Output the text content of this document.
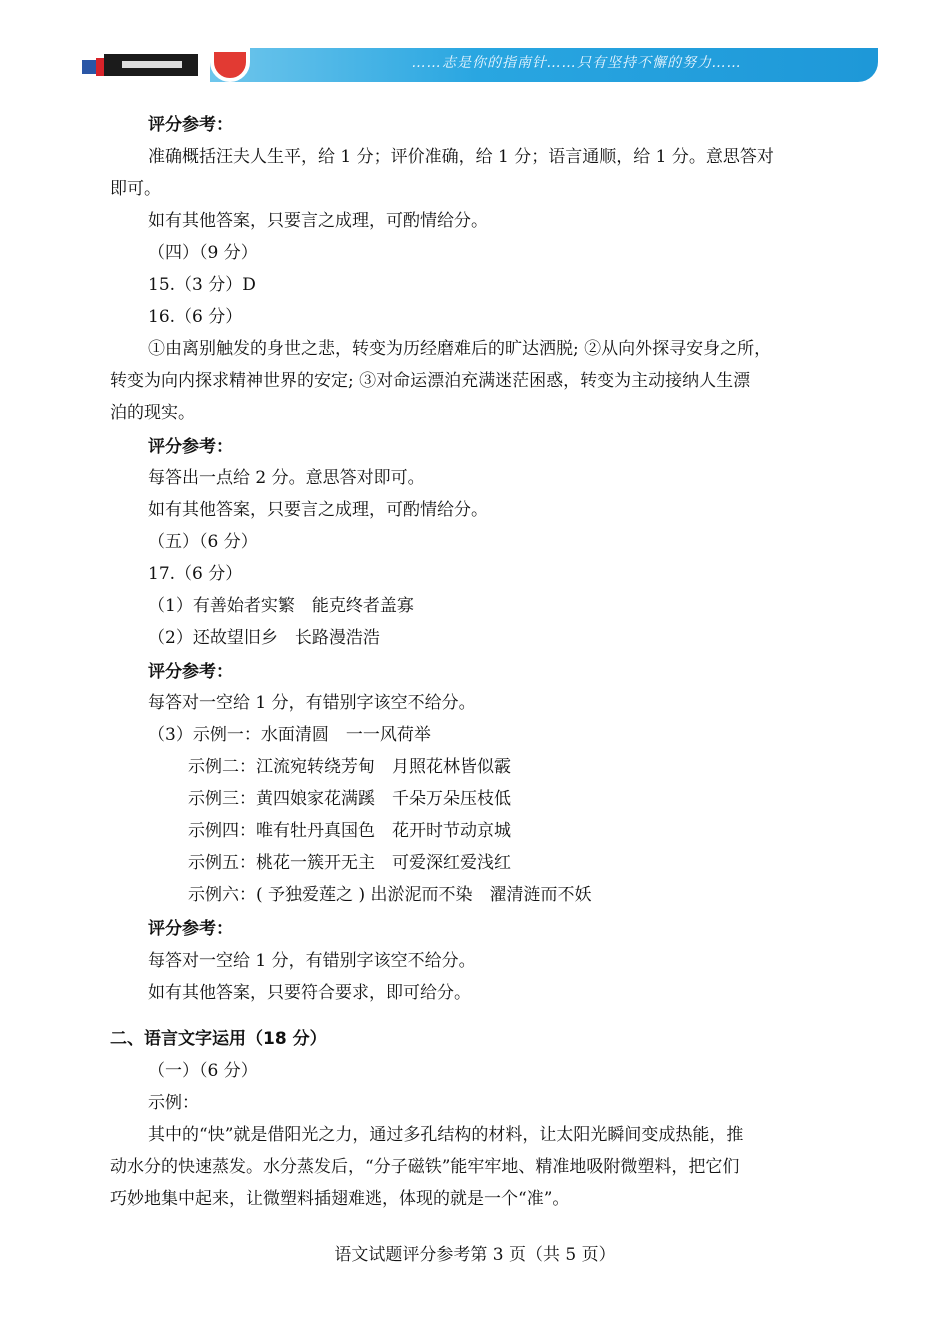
……志是你的指南针……只有坚持不懈的努力……
评分参考：
准确概括汪夫人生平，给 1 分；评价准确，给 1 分；语言通顺，给 1 分。意思答对
即可。
如有其他答案，只要言之成理，可酌情给分。
（四）（9 分）
15.（3 分）D
16.（6 分）
①由离别触发的身世之悲，转变为历经磨难后的旷达洒脱; ②从向外探寻安身之所，
转变为向内探求精神世界的安定; ③对命运漂泊充满迷茫困惑，转变为主动接纳人生漂
泊的现实。
评分参考：
每答出一点给 2 分。意思答对即可。
如有其他答案，只要言之成理，可酌情给分。
（五）（6 分）
17.（6 分）
（1）有善始者实繁　能克终者盖寡
（2）还故望旧乡　长路漫浩浩
评分参考：
每答对一空给 1 分，有错别字该空不给分。
（3）示例一：水面清圆　一一风荷举
示例二：江流宛转绕芳甸　月照花林皆似霰
示例三：黄四娘家花满蹊　千朵万朵压枝低
示例四：唯有牡丹真国色　花开时节动京城
示例五：桃花一簇开无主　可爱深红爱浅红
示例六：( 予独爱莲之 ) 出淤泥而不染　濯清涟而不妖
评分参考：
每答对一空给 1 分，有错别字该空不给分。
如有其他答案，只要符合要求，即可给分。
二、语言文字运用（18 分）
（一）（6 分）
示例：
其中的“快”就是借阳光之力，通过多孔结构的材料，让太阳光瞬间变成热能，推
动水分的快速蒸发。水分蒸发后，“分子磁铁”能牢牢地、精准地吸附微塑料，把它们
巧妙地集中起来，让微塑料插翅难逃，体现的就是一个“准”。
语文试题评分参考第 3 页（共 5 页）
